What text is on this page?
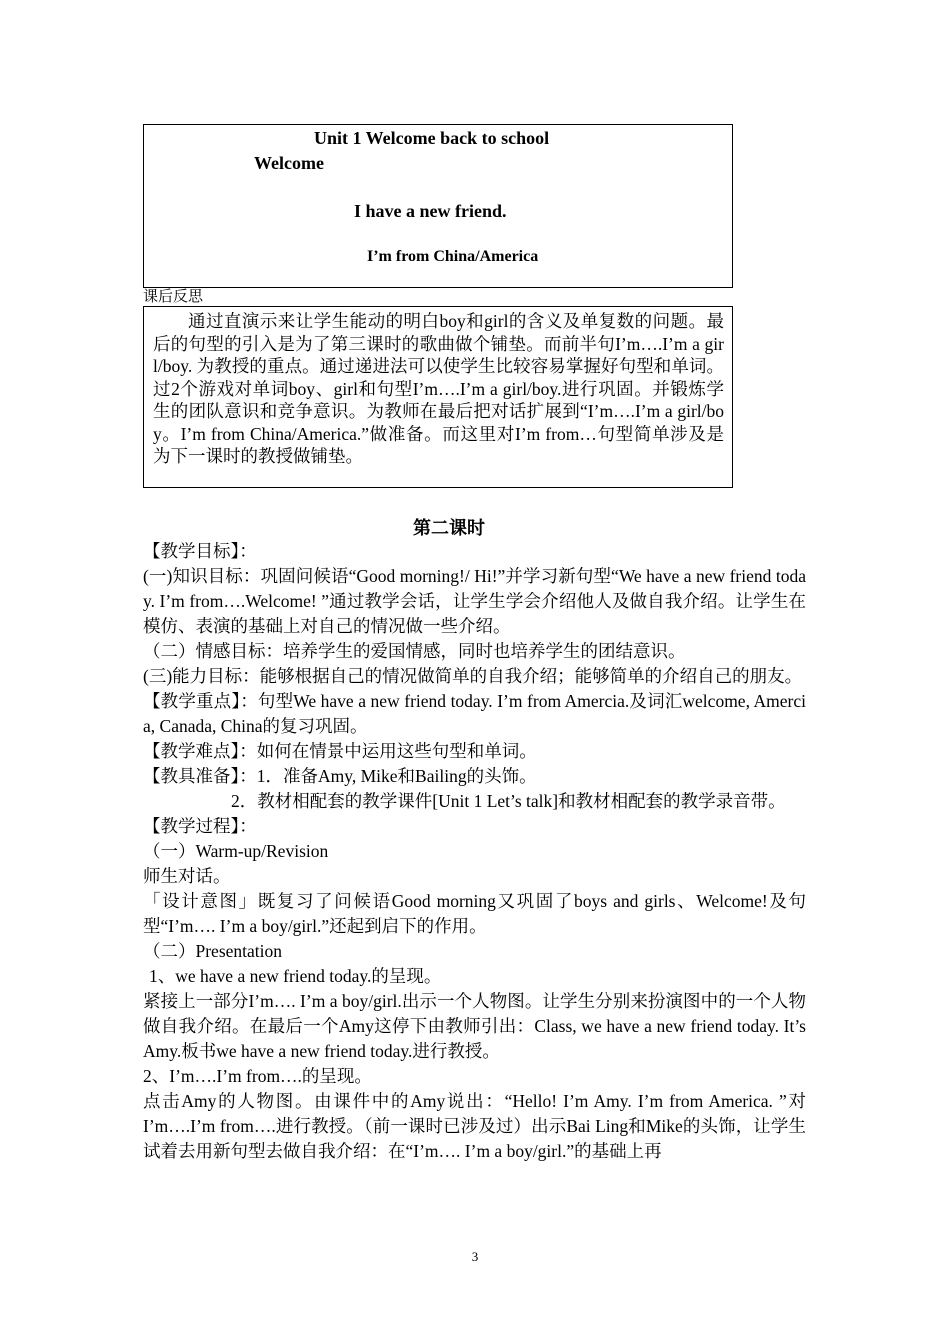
Unit 1 Welcome back to school
Welcome
I have a new friend.
I’m from China/America
课后反思

通过直演示来让学生能动的明白boy和girl的含义及单复数的问题。最后的句型的引入是为了第三课时的歌曲做个铺垫。而前半句I’m….I’m a girl/boy. 为教授的重点。通过递进法可以使学生比较容易掌握好句型和单词。过2个游戏对单词boy、girl和句型I’m….I’m a girl/boy.进行巩固。并锻炼学生的团队意识和竞争意识。为教师在最后把对话扩展到“I’m….I’m a girl/boy。I’m from China/America.”做准备。而这里对I’m from…句型简单涉及是为下一课时的教授做铺垫。

第二课时

【教学目标】：

(一)知识目标：巩固问候语“Good morning!/ Hi!”并学习新句型“We have a new friend today. I’m from….Welcome! ”通过教学会话，让学生学会介绍他人及做自我介绍。让学生在模仿、表演的基础上对自己的情况做一些介绍。

（二）情感目标：培养学生的爱国情感，同时也培养学生的团结意识。

(三)能力目标：能够根据自己的情况做简单的自我介绍；能够简单的介绍自己的朋友。

【教学重点】：句型We have a new friend today. I’m from Amercia.及词汇welcome, Amercia, Canada, China的复习巩固。

【教学难点】：如何在情景中运用这些句型和单词。

【教具准备】：1．准备Amy, Mike和Bailing的头饰。

2．教材相配套的教学课件[Unit 1 Let’s talk]和教材相配套的教学录音带。

【教学过程】：

（一）Warm-up/Revision

师生对话。

「设计意图」既复习了问候语Good morning又巩固了boys and girls、Welcome!及句型“I’m…. I’m a boy/girl.”还起到启下的作用。

（二）Presentation

1、we have a new friend today.的呈现。

紧接上一部分I’m…. I’m a boy/girl.出示一个人物图。让学生分别来扮演图中的一个人物做自我介绍。在最后一个Amy这停下由教师引出：Class, we have a new friend today. It’s Amy.板书we have a new friend today.进行教授。

2、I’m….I’m from….的呈现。

点击Amy的人物图。由课件中的Amy说出：“Hello! I’m Amy. I’m from America. ”对I’m….I’m from….进行教授。（前一课时已涉及过）出示Bai Ling和Mike的头饰，让学生试着去用新句型去做自我介绍：在“I’m…. I’m a boy/girl.”的基础上再

3
